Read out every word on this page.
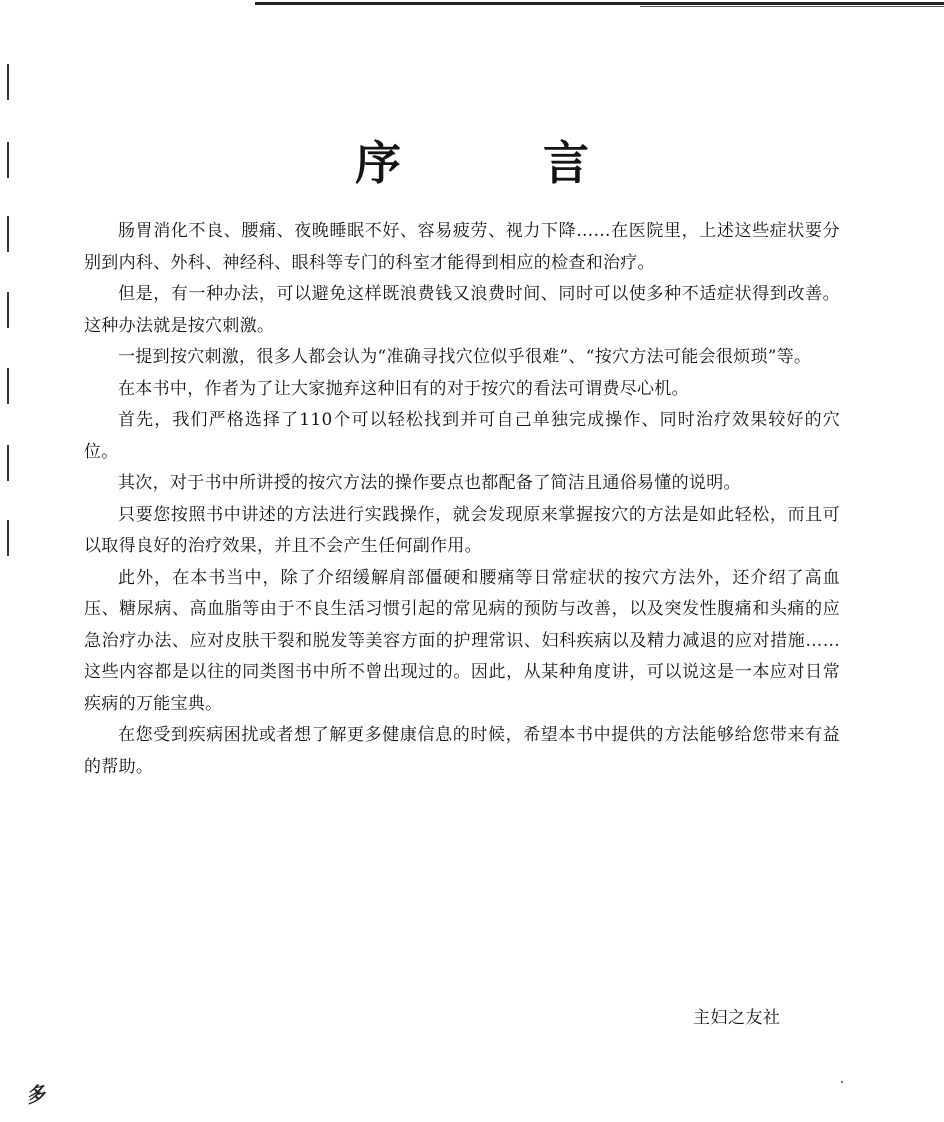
序　言

肠胃消化不良、腰痛、夜晚睡眠不好、容易疲劳、视力下降……在医院里，上述这些症状要分别到内科、外科、神经科、眼科等专门的科室才能得到相应的检查和治疗。

但是，有一种办法，可以避免这样既浪费钱又浪费时间、同时可以使多种不适症状得到改善。这种办法就是按穴刺激。

一提到按穴刺激，很多人都会认为“准确寻找穴位似乎很难”、“按穴方法可能会很烦琐”等。

在本书中，作者为了让大家抛弃这种旧有的对于按穴的看法可谓费尽心机。

首先，我们严格选择了110个可以轻松找到并可自己单独完成操作、同时治疗效果较好的穴位。

其次，对于书中所讲授的按穴方法的操作要点也都配备了简洁且通俗易懂的说明。

只要您按照书中讲述的方法进行实践操作，就会发现原来掌握按穴的方法是如此轻松，而且可以取得良好的治疗效果，并且不会产生任何副作用。

此外，在本书当中，除了介绍缓解肩部僵硬和腰痛等日常症状的按穴方法外，还介绍了高血压、糖尿病、高血脂等由于不良生活习惯引起的常见病的预防与改善，以及突发性腹痛和头痛的应急治疗办法、应对皮肤干裂和脱发等美容方面的护理常识、妇科疾病以及精力减退的应对措施……这些内容都是以往的同类图书中所不曾出现过的。因此，从某种角度讲，可以说这是一本应对日常疾病的万能宝典。

在您受到疾病困扰或者想了解更多健康信息的时候，希望本书中提供的方法能够给您带来有益的帮助。

主妇之友社

多
